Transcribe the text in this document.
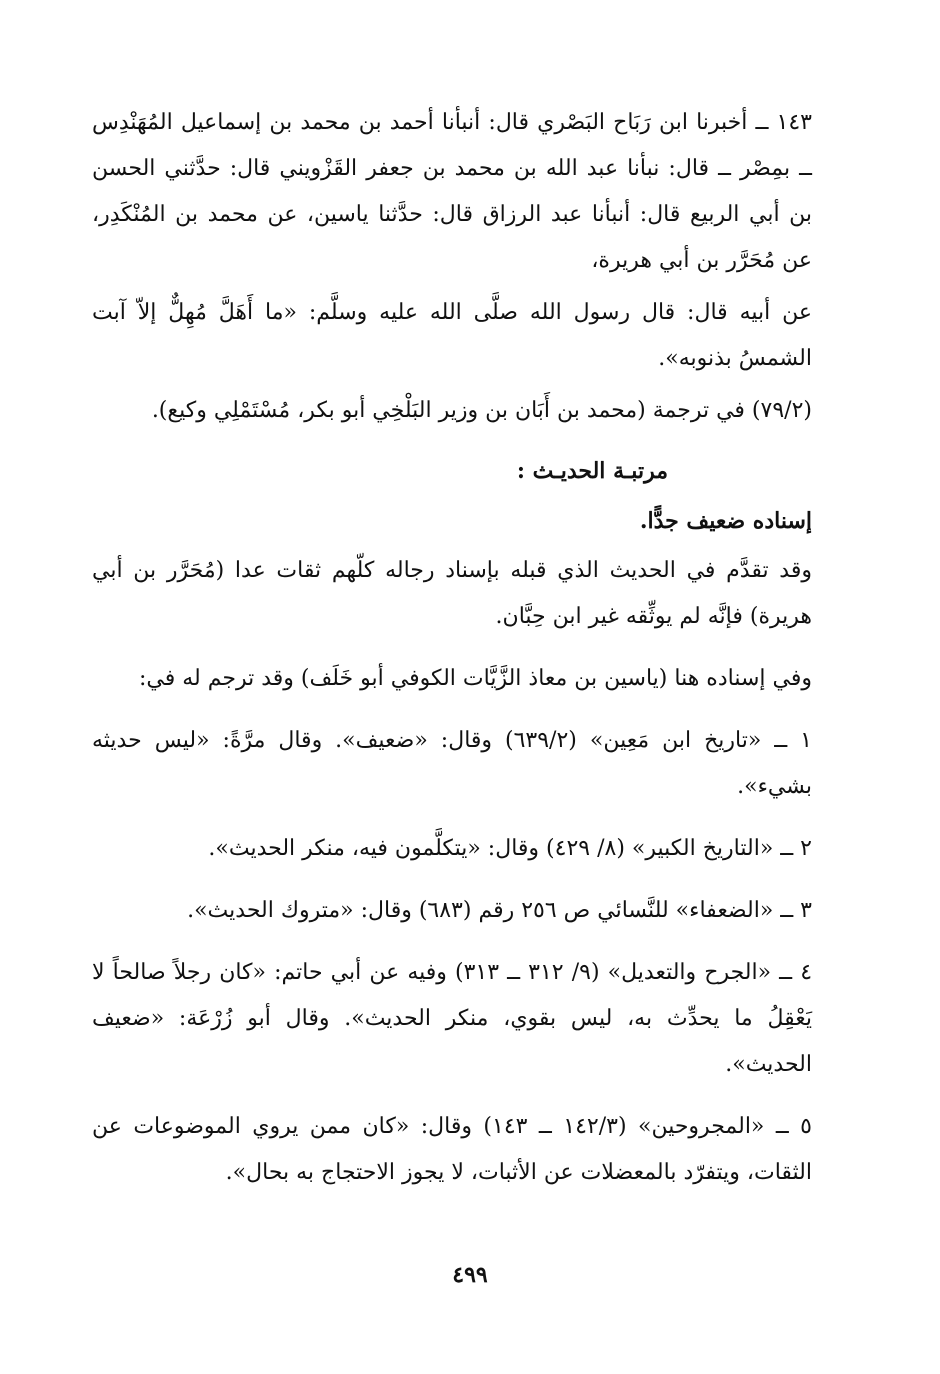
١٤٣ ــ أخبرنا ابن رَبَاح البَصْري قال: أنبأنا أحمد بن محمد بن إسماعيل المُهَنْدِس ــ بمِصْر ــ قال: نبأنا عبد الله بن محمد بن جعفر القَزْويني قال: حدَّثني الحسن بن أبي الربيع قال: أنبأنا عبد الرزاق قال: حدَّثنا ياسين، عن محمد بن المُنْكَدِر، عن مُحَرَّر بن أبي هريرة،

عن أبيه قال: قال رسول الله صلَّى الله عليه وسلَّم: «ما أَهَلَّ مُهِلٌّ إلاّ آبت الشمسُ بذنوبه».

(٧٩/٢) في ترجمة (محمد بن أَبَان بن وزير البَلْخِي أبو بكر، مُسْتَمْلِي وكيع).

مرتبـة الحديـث :
إسناده ضعيف جدًّا.

وقد تقدَّم في الحديث الذي قبله بإسناد رجاله كلّهم ثقات عدا (مُحَرَّر بن أبي هريرة) فإنَّه لم يوثِّقه غير ابن حِبَّان.

وفي إسناده هنا (ياسين بن معاذ الزَّيَّات الكوفي أبو خَلَف) وقد ترجم له في:

١ ــ «تاريخ ابن مَعِين» (٦٣٩/٢) وقال: «ضعيف». وقال مرَّةً: «ليس حديثه بشيء».

٢ ــ «التاريخ الكبير» (٨/ ٤٢٩) وقال: «يتكلَّمون فيه، منكر الحديث».

٣ ــ «الضعفاء» للنَّسائي ص ٢٥٦ رقم (٦٨٣) وقال: «متروك الحديث».

٤ ــ «الجرح والتعديل» (٩/ ٣١٢ ــ ٣١٣) وفيه عن أبي حاتم: «كان رجلاً صالحاً لا يَعْقِلُ ما يحدِّث به، ليس بقوي، منكر الحديث». وقال أبو زُرْعَة: «ضعيف الحديث».

٥ ــ «المجروحين» (١٤٢/٣ ــ ١٤٣) وقال: «كان ممن يروي الموضوعات عن الثقات، ويتفرّد بالمعضلات عن الأثبات، لا يجوز الاحتجاج به بحال».

٤٩٩
